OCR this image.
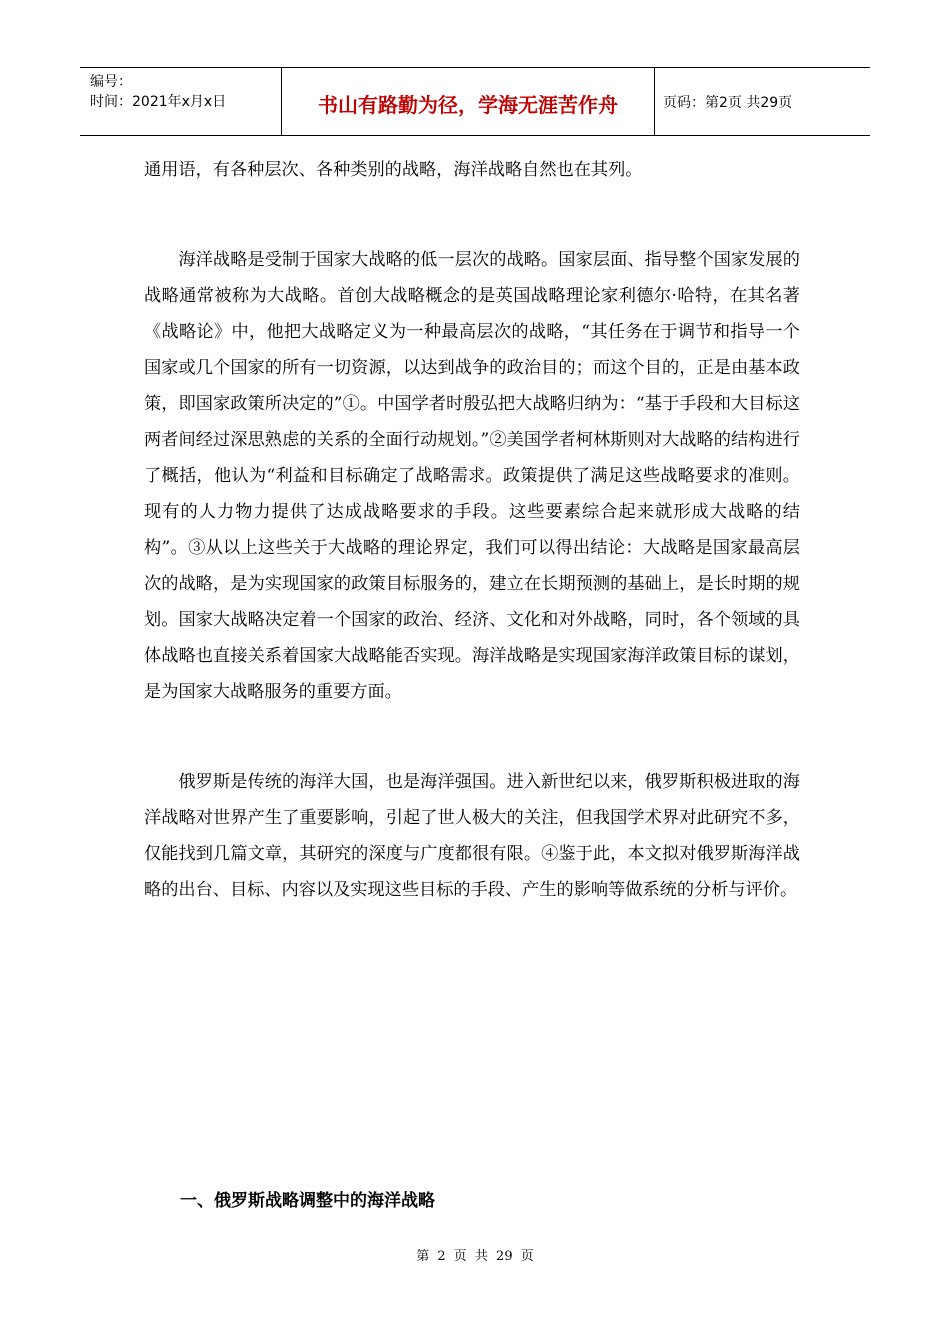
编号：
时间：2021年x月x日	书山有路勤为径，学海无涯苦作舟	页码：第2页 共29页

通用语，有各种层次、各种类别的战略，海洋战略自然也在其列。

海洋战略是受制于国家大战略的低一层次的战略。国家层面、指导整个国家发展的战略通常被称为大战略。首创大战略概念的是英国战略理论家利德尔·哈特，在其名著《战略论》中，他把大战略定义为一种最高层次的战略，“其任务在于调节和指导一个国家或几个国家的所有一切资源，以达到战争的政治目的；而这个目的，正是由基本政策，即国家政策所决定的”①。中国学者时殷弘把大战略归纳为：“基于手段和大目标这两者间经过深思熟虑的关系的全面行动规划。”②美国学者柯林斯则对大战略的结构进行了概括，他认为“利益和目标确定了战略需求。政策提供了满足这些战略要求的准则。现有的人力物力提供了达成战略要求的手段。这些要素综合起来就形成大战略的结构”。③从以上这些关于大战略的理论界定，我们可以得出结论：大战略是国家最高层次的战略，是为实现国家的政策目标服务的，建立在长期预测的基础上，是长时期的规划。国家大战略决定着一个国家的政治、经济、文化和对外战略，同时，各个领域的具体战略也直接关系着国家大战略能否实现。海洋战略是实现国家海洋政策目标的谋划，是为国家大战略服务的重要方面。

俄罗斯是传统的海洋大国，也是海洋强国。进入新世纪以来，俄罗斯积极进取的海洋战略对世界产生了重要影响，引起了世人极大的关注，但我国学术界对此研究不多，仅能找到几篇文章，其研究的深度与广度都很有限。④鉴于此，本文拟对俄罗斯海洋战略的出台、目标、内容以及实现这些目标的手段、产生的影响等做系统的分析与评价。

一、俄罗斯战略调整中的海洋战略
第 2 页 共 29 页
